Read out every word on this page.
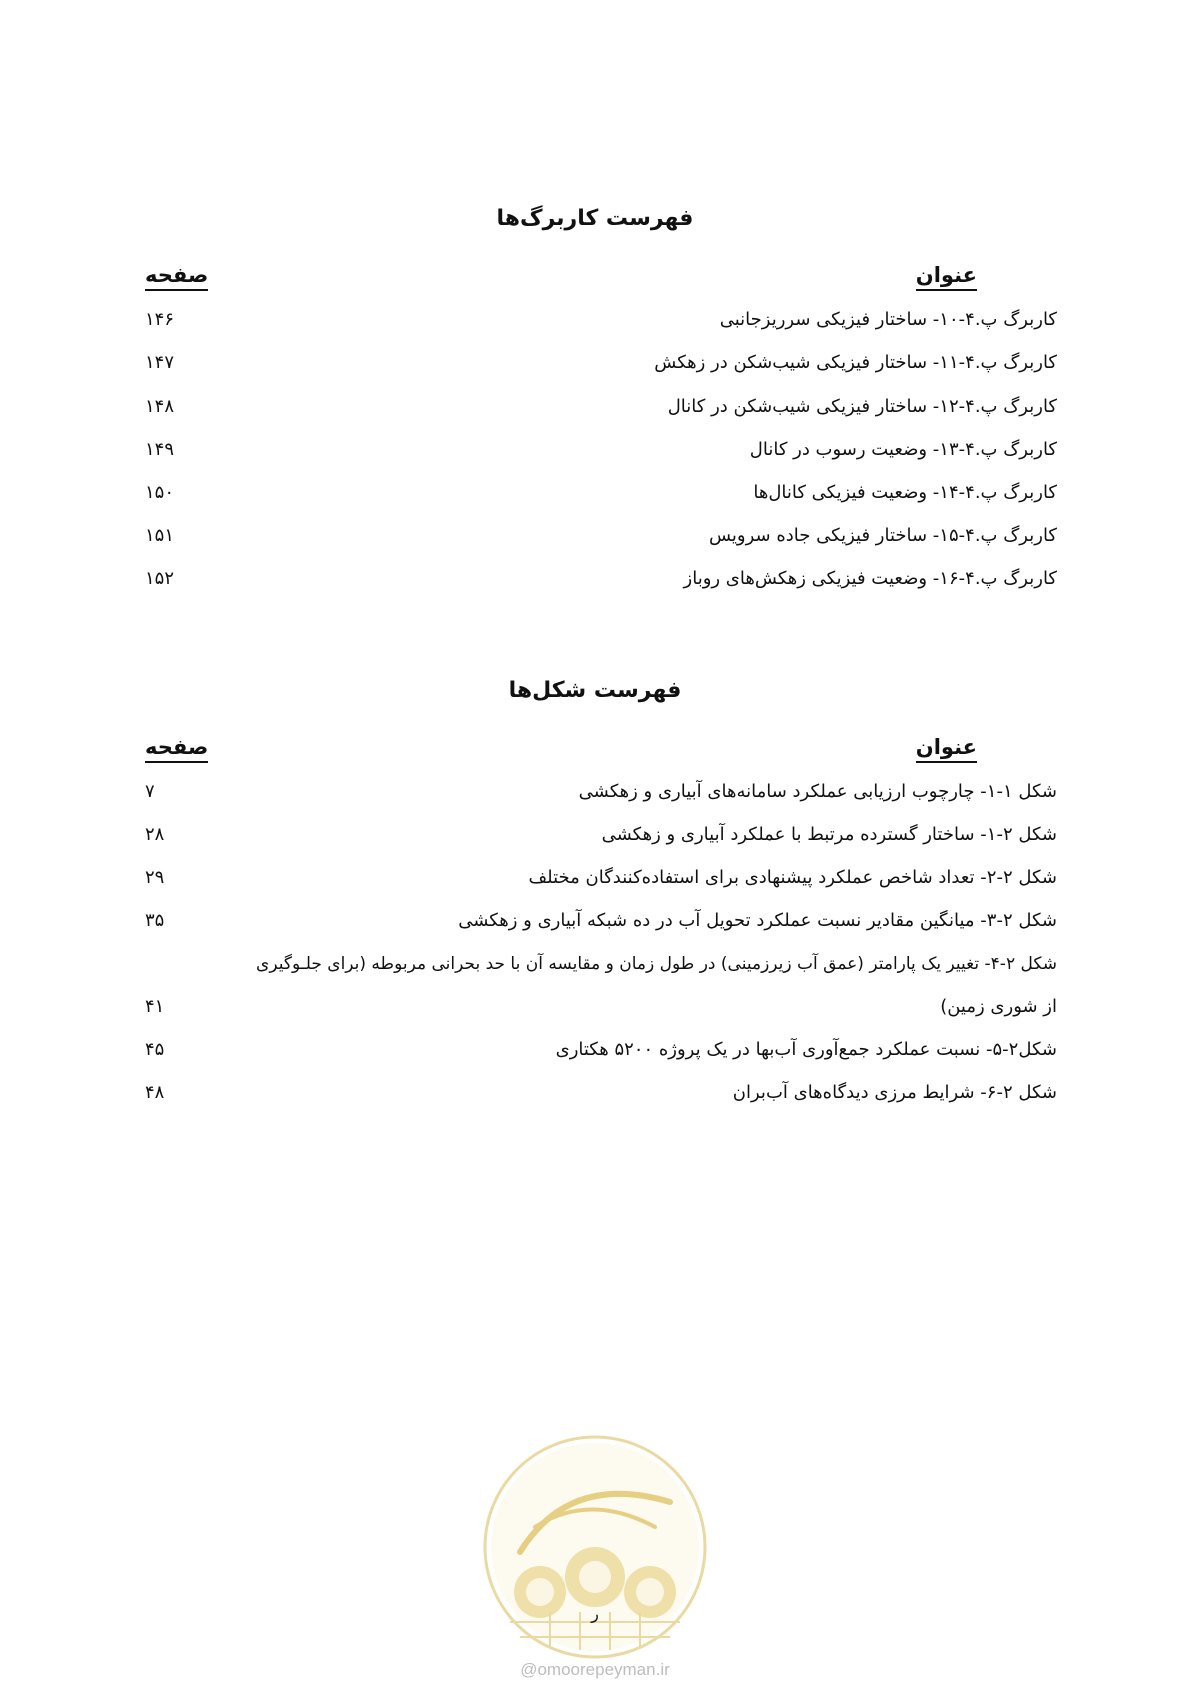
فهرست کاربرگ‌ها
عنوان
صفحه
کاربرگ پ.۴-۱۰- ساختار فیزیکی سرریزجانبی
۱۴۶
کاربرگ پ.۴-۱۱- ساختار فیزیکی شیب‌شکن در زهکش
۱۴۷
کاربرگ پ.۴-۱۲- ساختار فیزیکی شیب‌شکن در کانال
۱۴۸
کاربرگ پ.۴-۱۳- وضعیت رسوب در کانال
۱۴۹
کاربرگ پ.۴-۱۴- وضعیت فیزیکی کانال‌ها
۱۵۰
کاربرگ پ.۴-۱۵- ساختار فیزیکی جاده سرویس
۱۵۱
کاربرگ پ.۴-۱۶- وضعیت فیزیکی زهکش‌های روباز
۱۵۲
فهرست شکل‌ها
عنوان
صفحه
شکل ۱-۱- چارچوب ارزیابی عملکرد سامانه‌های آبیاری و زهکشی
۷
شکل ۲-۱- ساختار گسترده مرتبط با عملکرد آبیاری و زهکشی
۲۸
شکل ۲-۲- تعداد شاخص عملکرد پیشنهادی برای استفاده‌کنندگان مختلف
۲۹
شکل ۲-۳- میانگین مقادیر نسبت عملکرد تحویل آب در ده شبکه آبیاری و زهکشی
۳۵
شکل ۲-۴- تغییر یک پارامتر (عمق آب زیرزمینی) در طول زمان و مقایسه آن با حد بحرانی مربوطه (برای جلـوگیری
از شوری زمین)
۴۱
شکل۲-۵- نسبت عملکرد جمع‌آوری آب‌بها در یک پروژه ۵۲۰۰ هکتاری
۴۵
شکل ۲-۶- شرایط مرزی دیدگاه‌های آب‌بران
۴۸
ر
@omoorepeyman.ir
